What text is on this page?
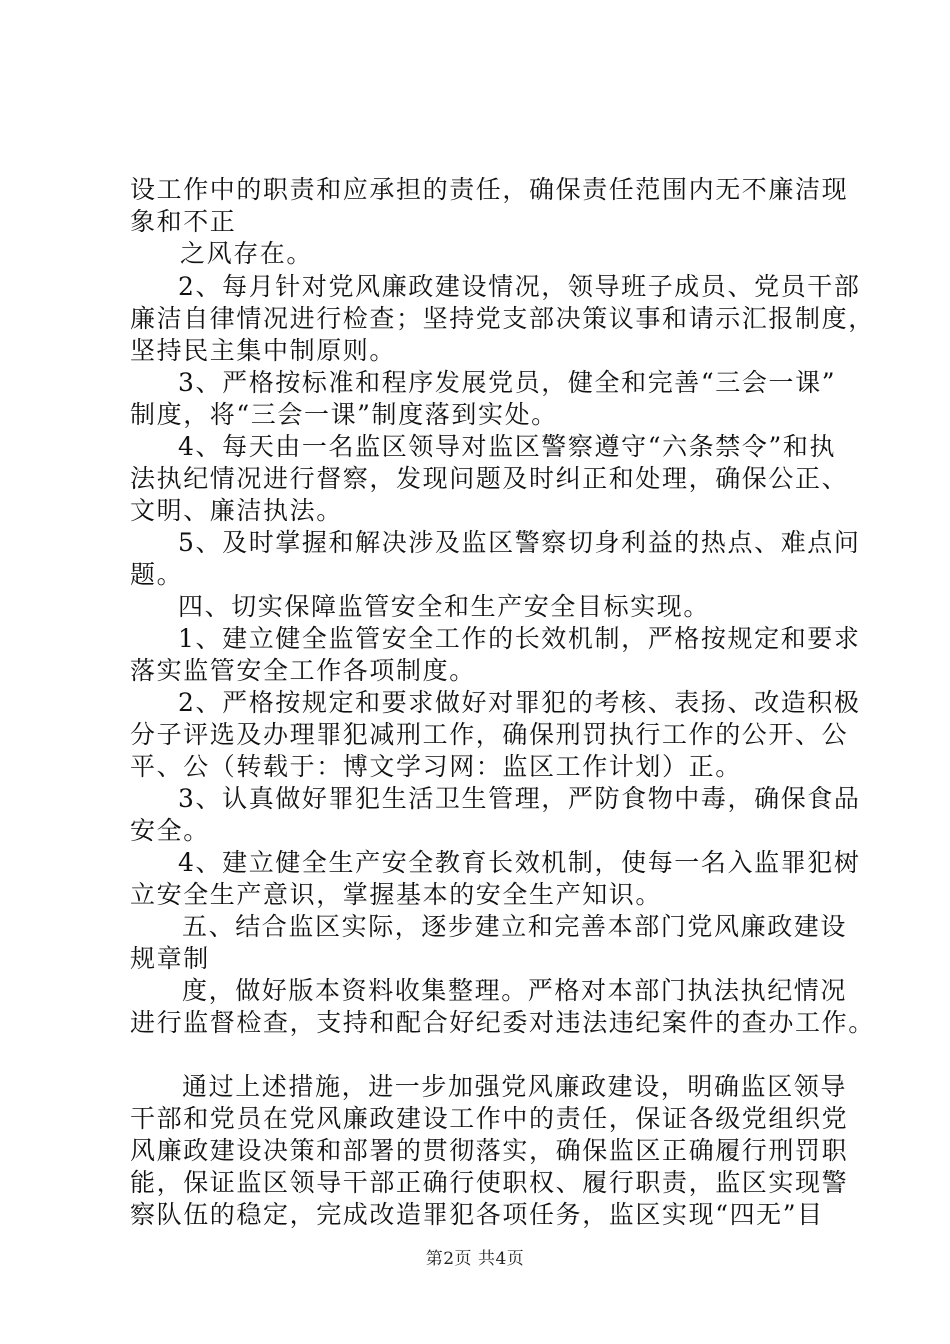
设工作中的职责和应承担的责任，确保责任范围内无不廉洁现
象和不正
之风存在。
2、每月针对党风廉政建设情况，领导班子成员、党员干部
廉洁自律情况进行检查；坚持党支部决策议事和请示汇报制度，
坚持民主集中制原则。
3、严格按标准和程序发展党员，健全和完善“三会一课”
制度，将“三会一课”制度落到实处。
4、每天由一名监区领导对监区警察遵守“六条禁令”和执
法执纪情况进行督察，发现问题及时纠正和处理，确保公正、
文明、廉洁执法。
5、及时掌握和解决涉及监区警察切身利益的热点、难点问
题。
四、切实保障监管安全和生产安全目标实现。
1、建立健全监管安全工作的长效机制，严格按规定和要求
落实监管安全工作各项制度。
2、严格按规定和要求做好对罪犯的考核、表扬、改造积极
分子评选及办理罪犯减刑工作，确保刑罚执行工作的公开、公
平、公（转载于：博文学习网：监区工作计划）正。
3、认真做好罪犯生活卫生管理，严防食物中毒，确保食品
安全。
4、建立健全生产安全教育长效机制，使每一名入监罪犯树
立安全生产意识，掌握基本的安全生产知识。
五、结合监区实际，逐步建立和完善本部门党风廉政建设
规章制
度，做好版本资料收集整理。严格对本部门执法执纪情况
进行监督检查，支持和配合好纪委对违法违纪案件的查办工作。
通过上述措施，进一步加强党风廉政建设，明确监区领导
干部和党员在党风廉政建设工作中的责任，保证各级党组织党
风廉政建设决策和部署的贯彻落实，确保监区正确履行刑罚职
能，保证监区领导干部正确行使职权、履行职责，监区实现警
察队伍的稳定，完成改造罪犯各项任务，监区实现“四无”目
第2页 共4页
